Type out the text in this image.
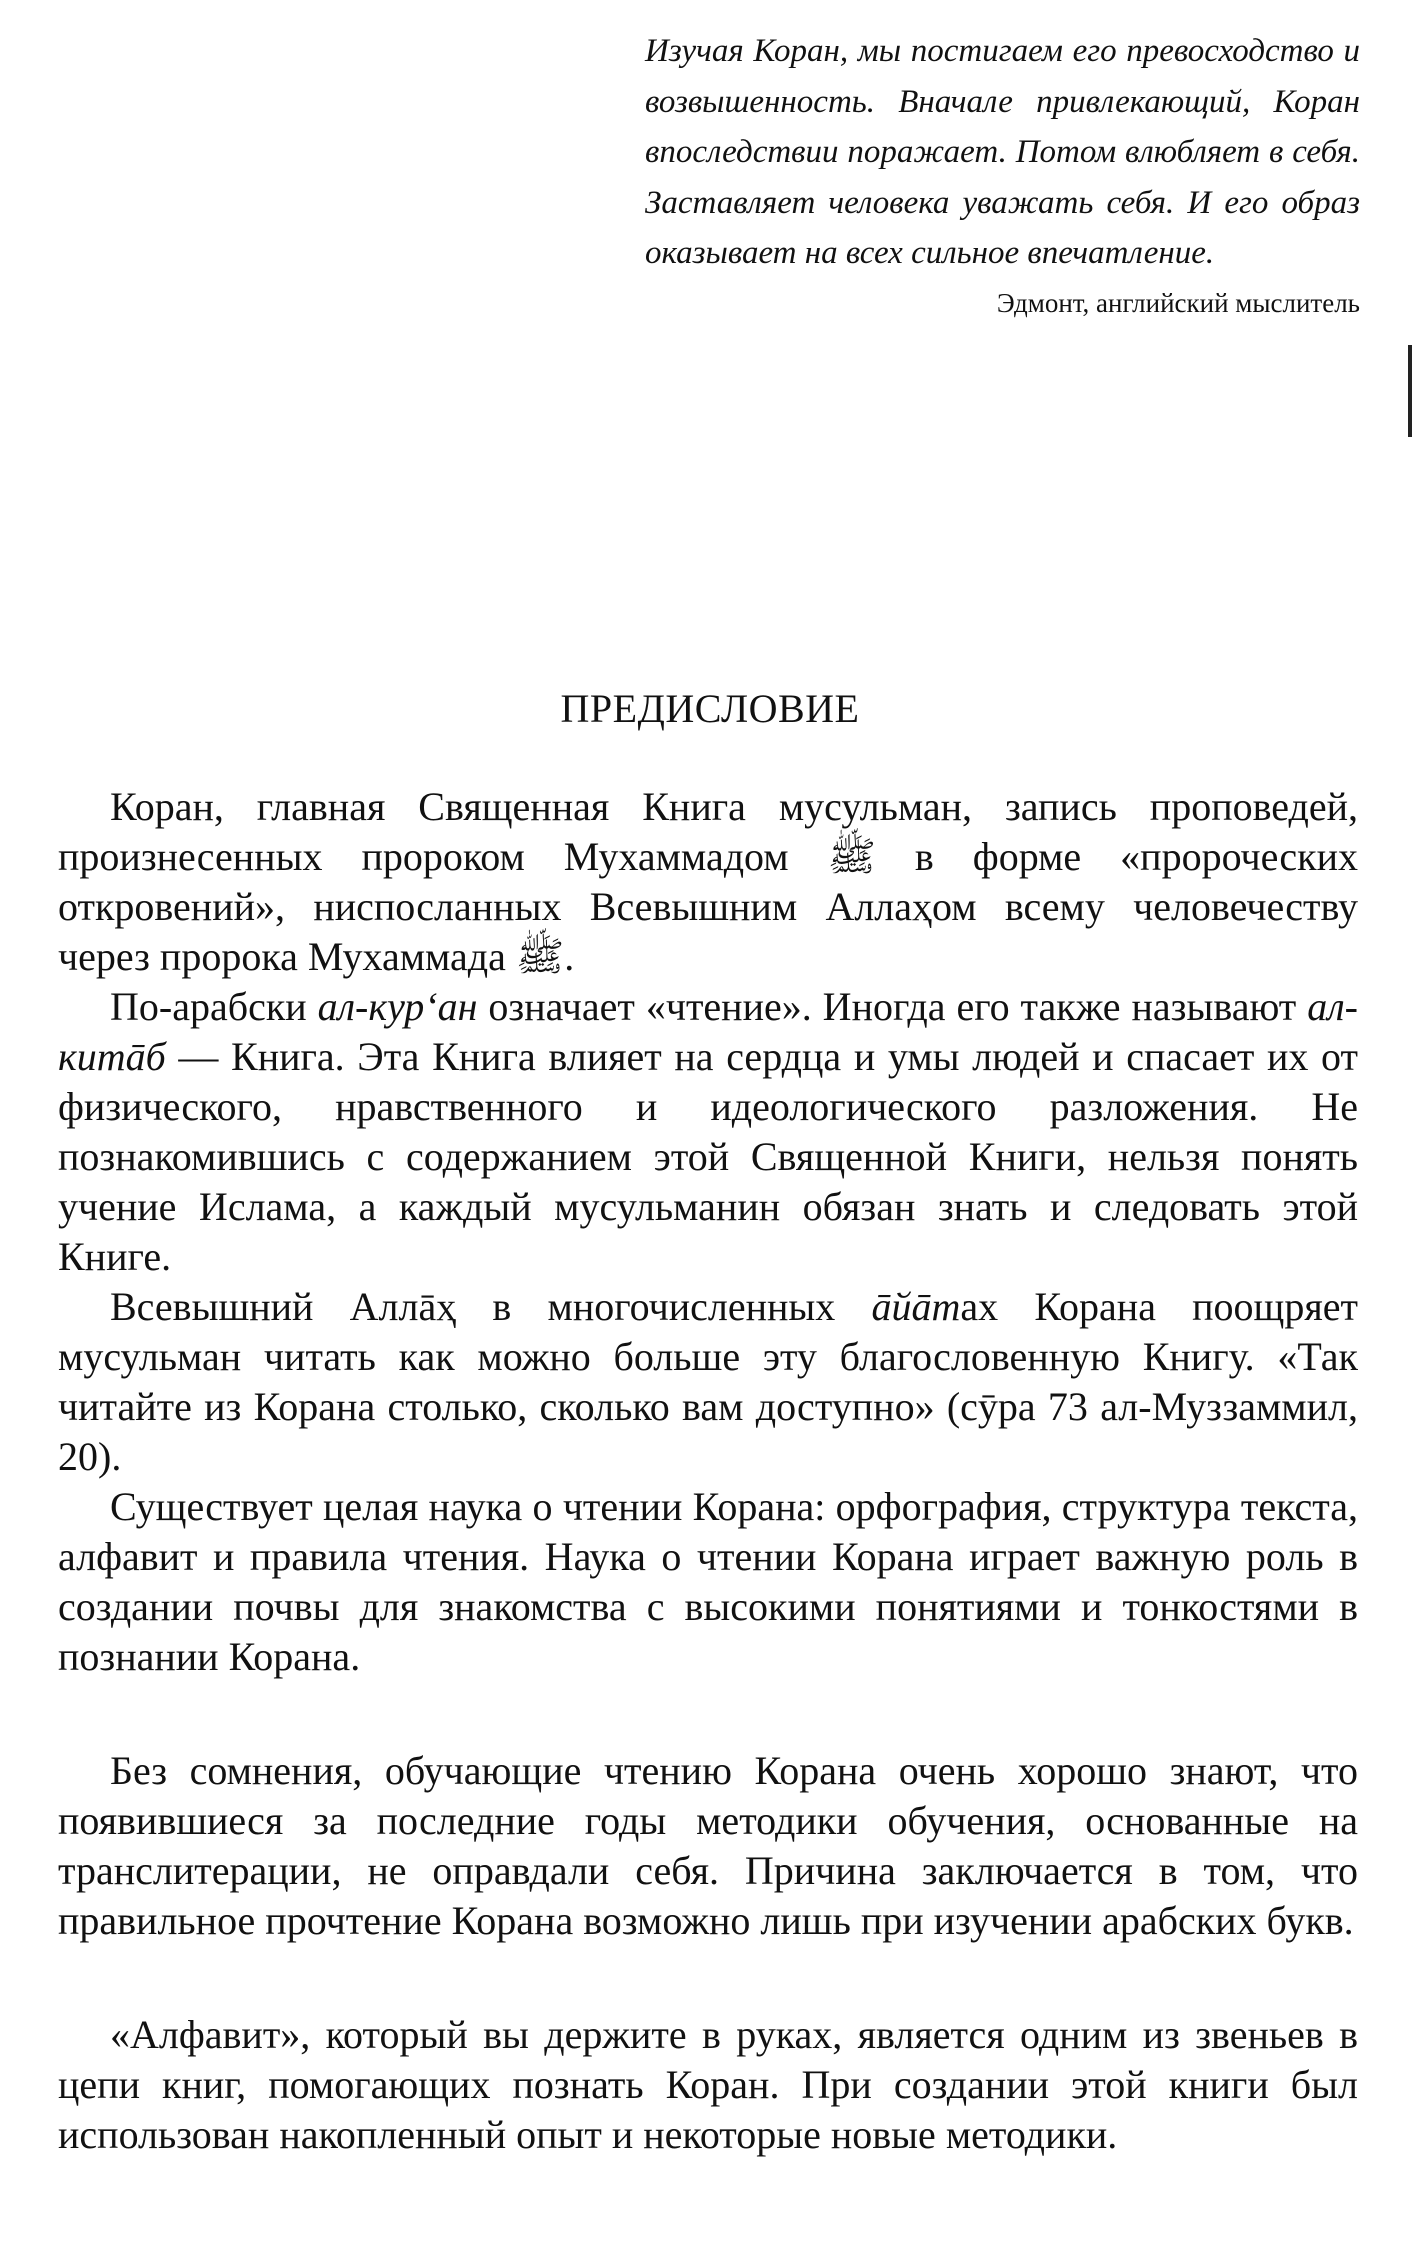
Изучая Коран, мы постигаем его превосходство и возвышенность. Вначале привлекающий, Коран впоследствии поражает. Потом влюбляет в себя. Заставляет человека уважать себя. И его образ оказывает на всех сильное впечатление.

Эдмонт, английский мыслитель

ПРЕДИСЛОВИЕ

Коран, главная Священная Книга мусульман, запись проповедей, произнесенных пророком Мухаммадом ﷺ в форме «пророческих откровений», ниспосланных Всевышним Аллаҳом всему человечеству через пророка Мухаммада ﷺ.

По-арабски ал-кур‘ан означает «чтение». Иногда его также называют ал-китāб — Книга. Эта Книга влияет на сердца и умы людей и спасает их от физического, нравственного и идеологического разложения. Не познакомившись с содержанием этой Священной Книги, нельзя понять учение Ислама, а каждый мусульманин обязан знать и следовать этой Книге.

Всевышний Аллāҳ в многочисленных āйāтах Корана поощряет мусульман читать как можно больше эту благословенную Книгу. «Так читайте из Корана столько, сколько вам доступно» (сӯра 73 ал-Муззаммил, 20).

Существует целая наука о чтении Корана: орфография, структура текста, алфавит и правила чтения. Наука о чтении Корана играет важную роль в создании почвы для знакомства с высокими понятиями и тонкостями в познании Корана.

Без сомнения, обучающие чтению Корана очень хорошо знают, что появившиеся за последние годы методики обучения, основанные на транслитерации, не оправдали себя. Причина заключается в том, что правильное прочтение Корана возможно лишь при изучении арабских букв.

«Алфавит», который вы держите в руках, является одним из звеньев в цепи книг, помогающих познать Коран. При создании этой книги был использован накопленный опыт и некоторые новые методики.
